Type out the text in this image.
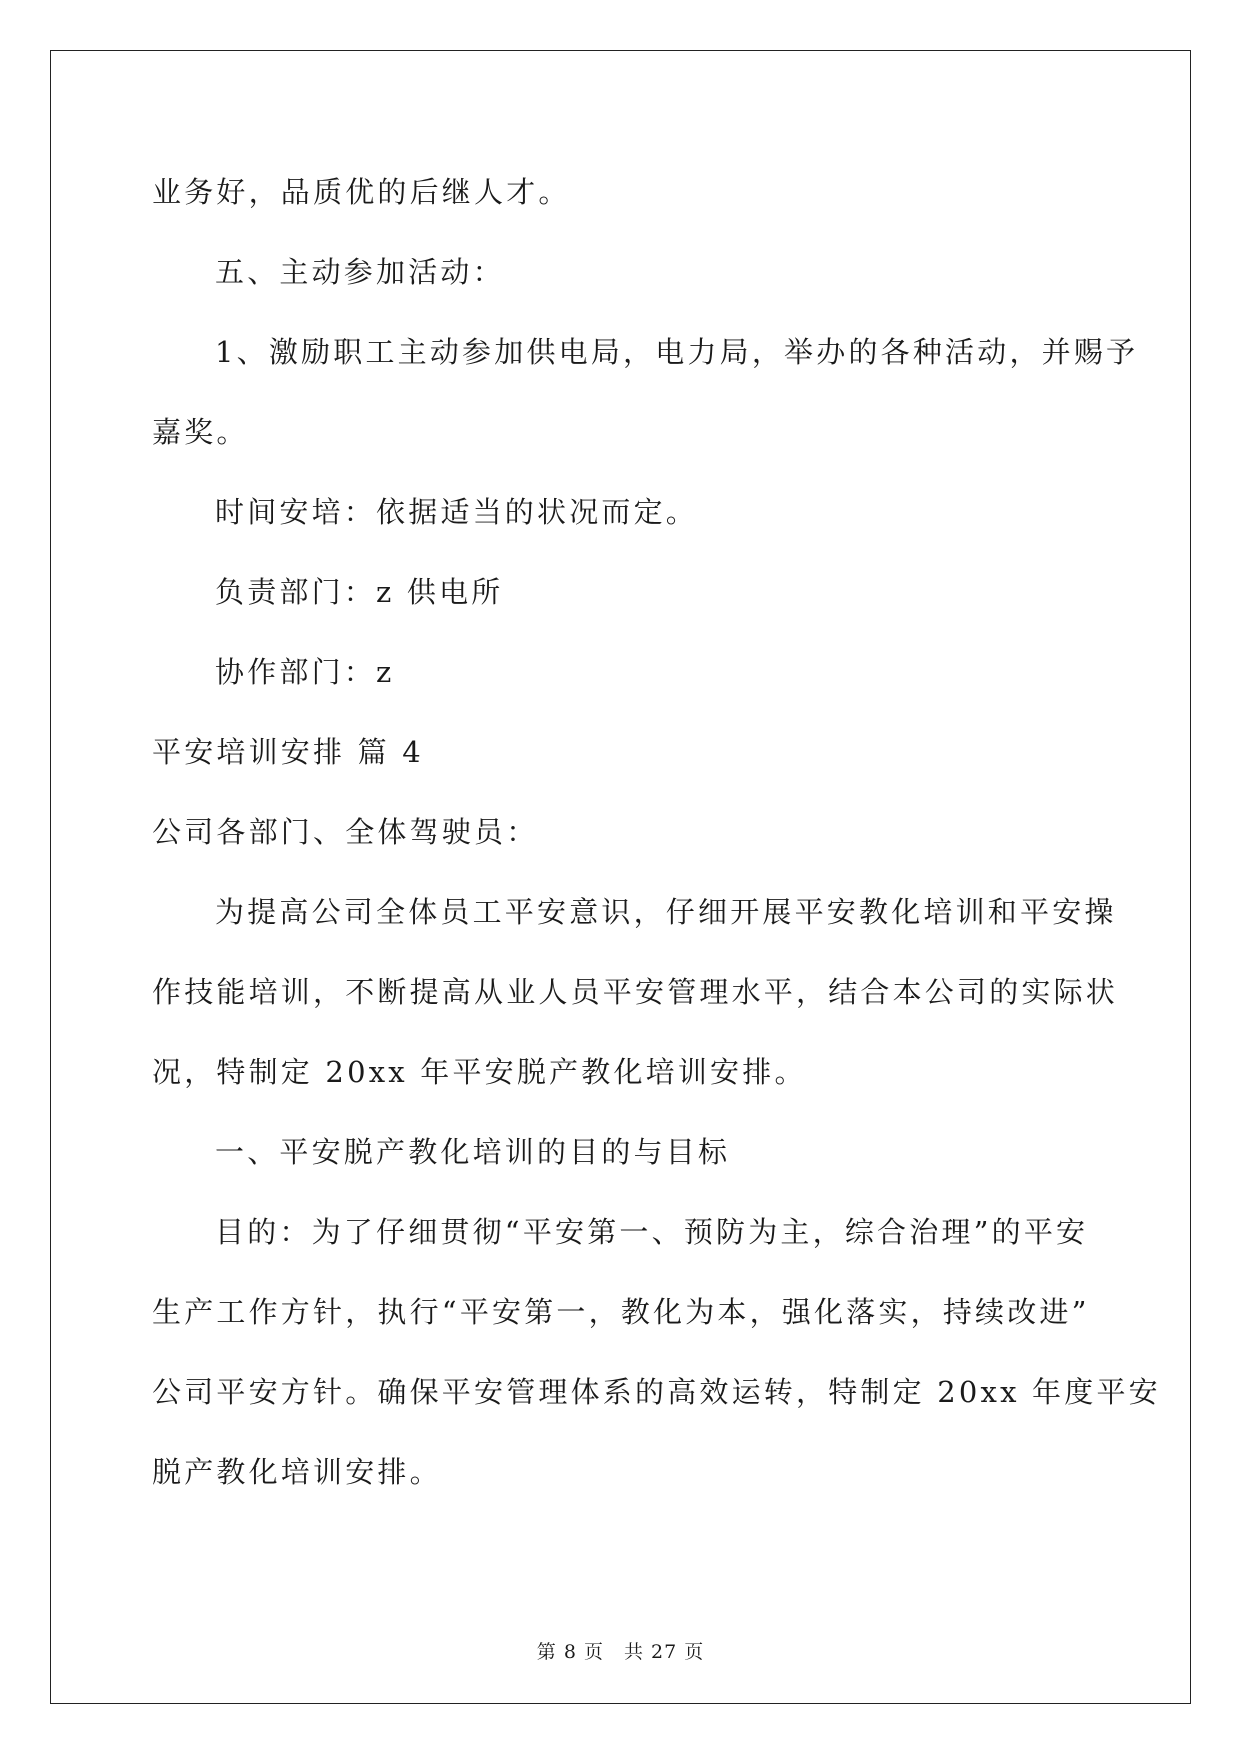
业务好，品质优的后继人才。
五、主动参加活动：
1、激励职工主动参加供电局，电力局，举办的各种活动，并赐予
嘉奖。
时间安培：依据适当的状况而定。
负责部门：z 供电所
协作部门：z
平安培训安排 篇 4
公司各部门、全体驾驶员：
为提高公司全体员工平安意识，仔细开展平安教化培训和平安操
作技能培训，不断提高从业人员平安管理水平，结合本公司的实际状
况，特制定 20xx 年平安脱产教化培训安排。
一、平安脱产教化培训的目的与目标
目的：为了仔细贯彻“平安第一、预防为主，综合治理”的平安
生产工作方针，执行“平安第一，教化为本，强化落实，持续改进”
公司平安方针。确保平安管理体系的高效运转，特制定 20xx 年度平安
脱产教化培训安排。
第 8 页　共 27 页
